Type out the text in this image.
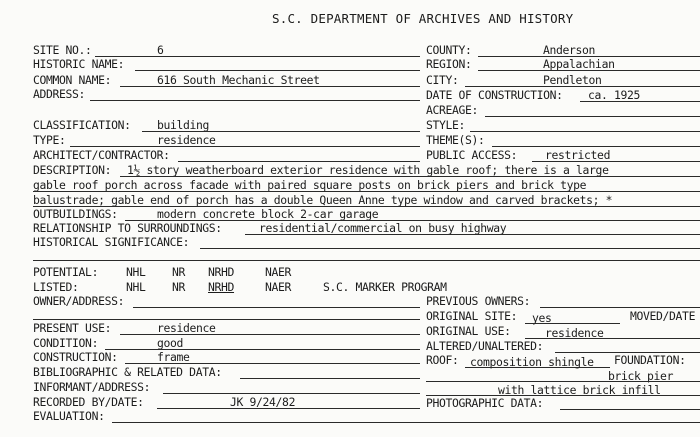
S.C. DEPARTMENT OF ARCHIVES AND HISTORY
SITE NO.:	6
HISTORIC NAME:
COMMON NAME:	616 South Mechanic Street
ADDRESS:
CLASSIFICATION: building
TYPE:	residence
ARCHITECT/CONTRACTOR:
COUNTY:	Anderson
REGION:	Appalachian
CITY:	Pendleton
DATE OF CONSTRUCTION: ca. 1925
ACREAGE:
STYLE:
THEME(S):
PUBLIC ACCESS: restricted
DESCRIPTION: 1½ story weatherboard exterior residence with gable roof; there is a large
gable roof porch across facade with paired square posts on brick piers and brick type
balustrade; gable end of porch has a double Queen Anne type window and carved brackets; *
OUTBUILDINGS:	modern concrete block 2-car garage
RELATIONSHIP TO SURROUNDINGS:	residential/commercial on busy highway
HISTORICAL SIGNIFICANCE:
POTENTIAL: NHL NR NRHD	NAER
LISTED:	NHL NR NRHD	NAER	S.C. MARKER PROGRAM
OWNER/ADDRESS:
PRESENT USE:	residence
CONDITION:	good
CONSTRUCTION:	frame
BIBLIOGRAPHIC & RELATED DATA:
INFORMANT/ADDRESS:
RECORDED BY/DATE:	JK 9/24/82
EVALUATION:
PREVIOUS OWNERS:
ORIGINAL SITE: yes	MOVED/DATE
ORIGINAL USE:	residence
ALTERED/UNALTERED:
ROOF: composition shingle FOUNDATION:
brick pier
with lattice brick infill
PHOTOGRAPHIC DATA:
